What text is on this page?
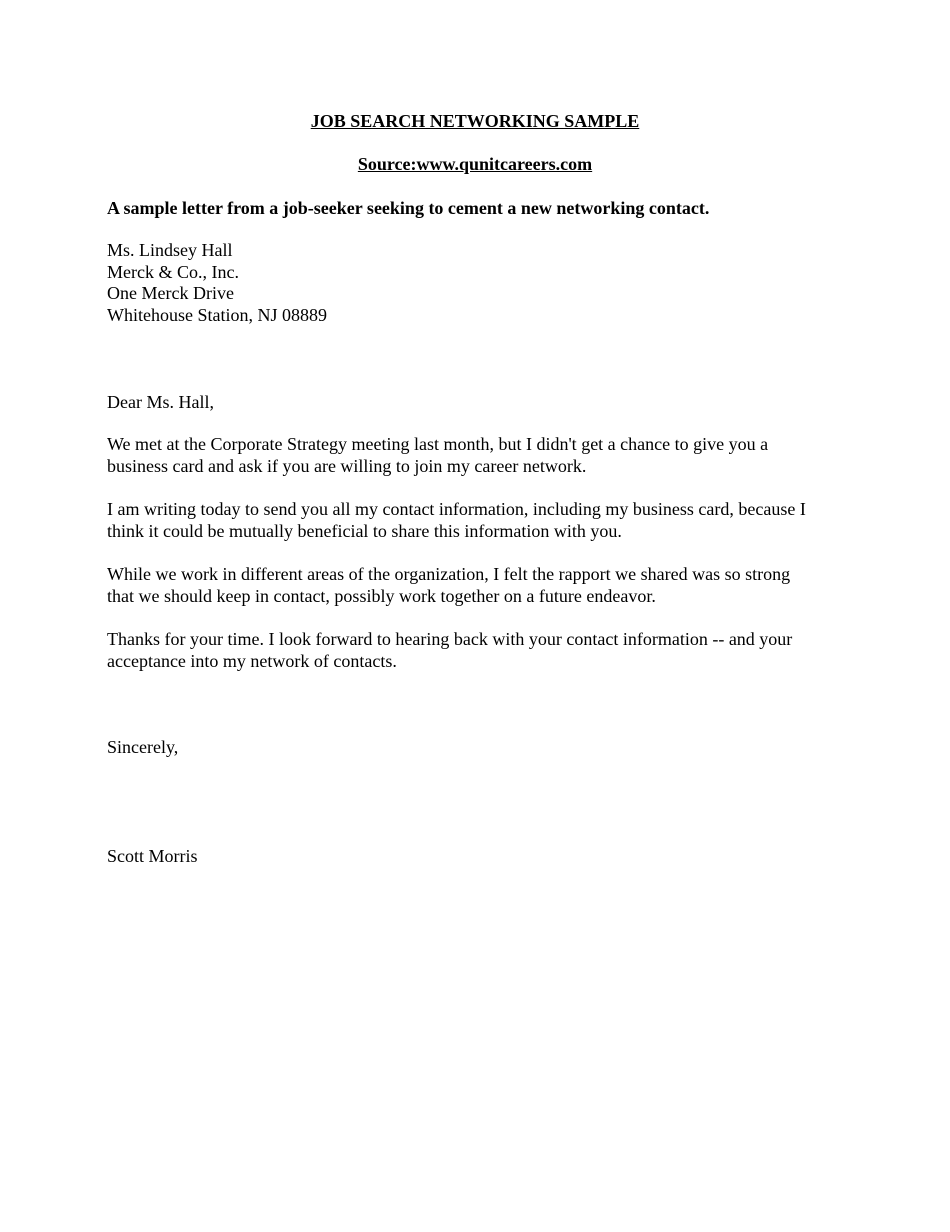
JOB SEARCH NETWORKING SAMPLE
Source:www.qunitcareers.com
A sample letter from a job-seeker seeking to cement a new networking contact.
Ms. Lindsey Hall
Merck & Co., Inc.
One Merck Drive
Whitehouse Station, NJ 08889
Dear Ms. Hall,
We met at the Corporate Strategy meeting last month, but I didn't get a chance to give you a
business card and ask if you are willing to join my career network.
I am writing today to send you all my contact information, including my business card, because I
think it could be mutually beneficial to share this information with you.
While we work in different areas of the organization, I felt the rapport we shared was so strong
that we should keep in contact, possibly work together on a future endeavor.
Thanks for your time. I look forward to hearing back with your contact information -- and your
acceptance into my network of contacts.
Sincerely,
Scott Morris
